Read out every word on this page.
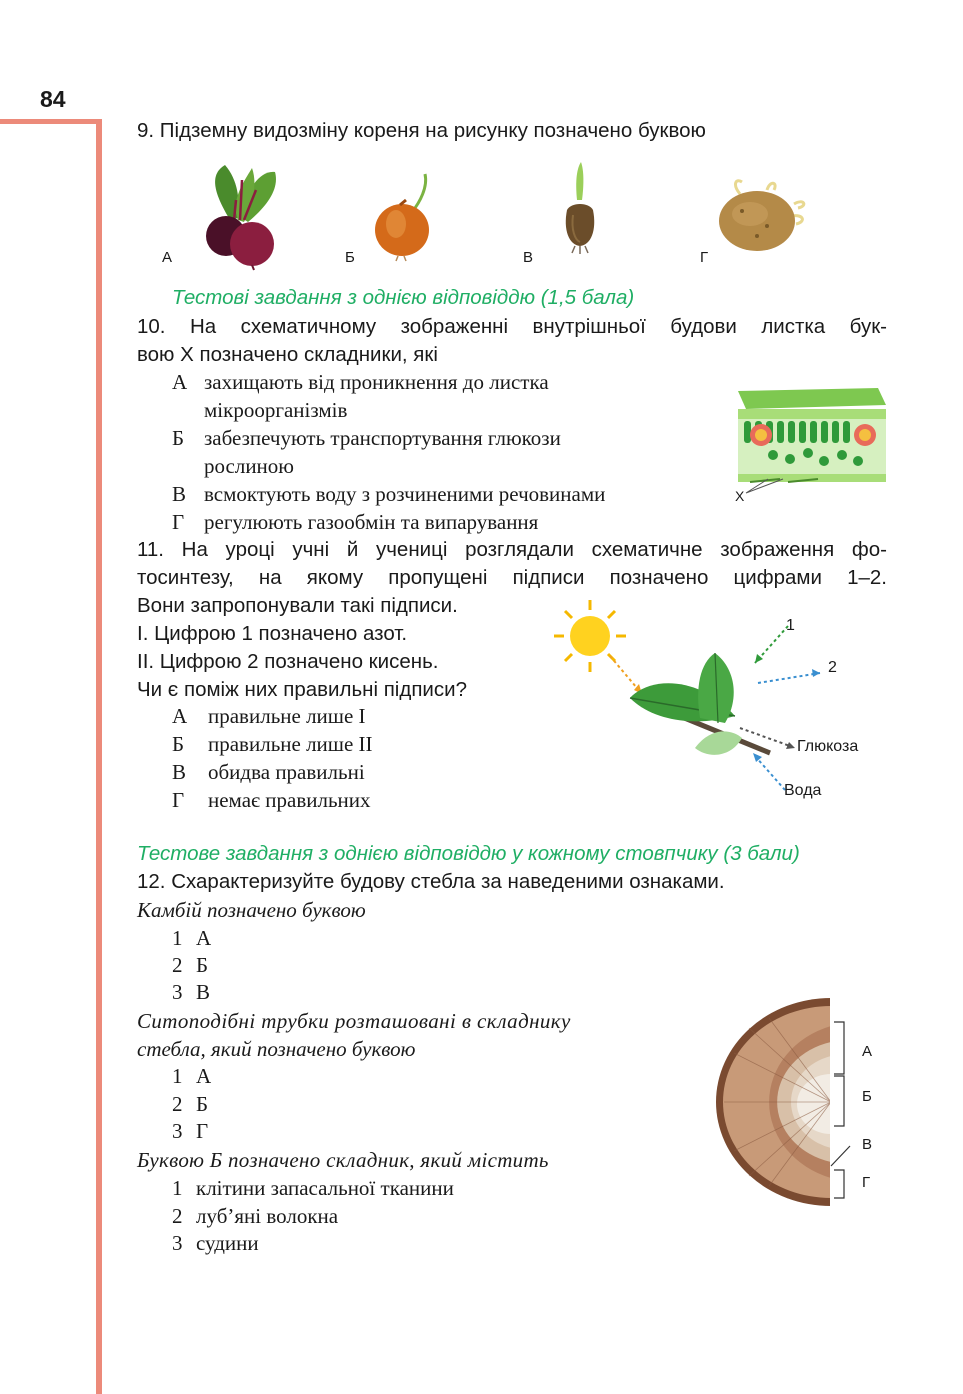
84
9. Підземну видозміну кореня на рисунку позначено буквою
А	Б	В	Г
Тестові завдання з однією відповіддю (1,5 бала)
10. На схематичному зображенні внутрішньої будови листка бук-
вою Х позначено складники, які
А захищають від проникнення до листка
мікроорганізмів
Б забезпечують транспортування глюкози
рослиною
В всмоктують воду з розчиненими речовинами
Г регулюють газообмін та випарування
Х
11. На уроці учні й учениці розглядали схематичне зображення фо-
тосинтезу, на якому пропущені підписи позначено цифрами 1–2.
Вони запропонували такі підписи.
І. Цифрою 1 позначено азот.
ІІ. Цифрою 2 позначено кисень.
Чи є поміж них правильні підписи?
А правильне лише І
Б правильне лише ІІ
В обидва правильні
Г немає правильних
1
2
Глюкоза
Вода
Тестове завдання з однією відповіддю у кожному стовпчику (3 бали)
12. Схарактеризуйте будову стебла за наведеними ознаками.
Камбій позначено буквою
1 А
2 Б
3 В
Ситоподібні трубки розташовані в складнику
стебла, який позначено буквою
1 А
2 Б
3 Г
Буквою Б позначено складник, який містить
1 клітини запасальної тканини
2 луб’яні волокна
3 судини
А
Б
В
Г
